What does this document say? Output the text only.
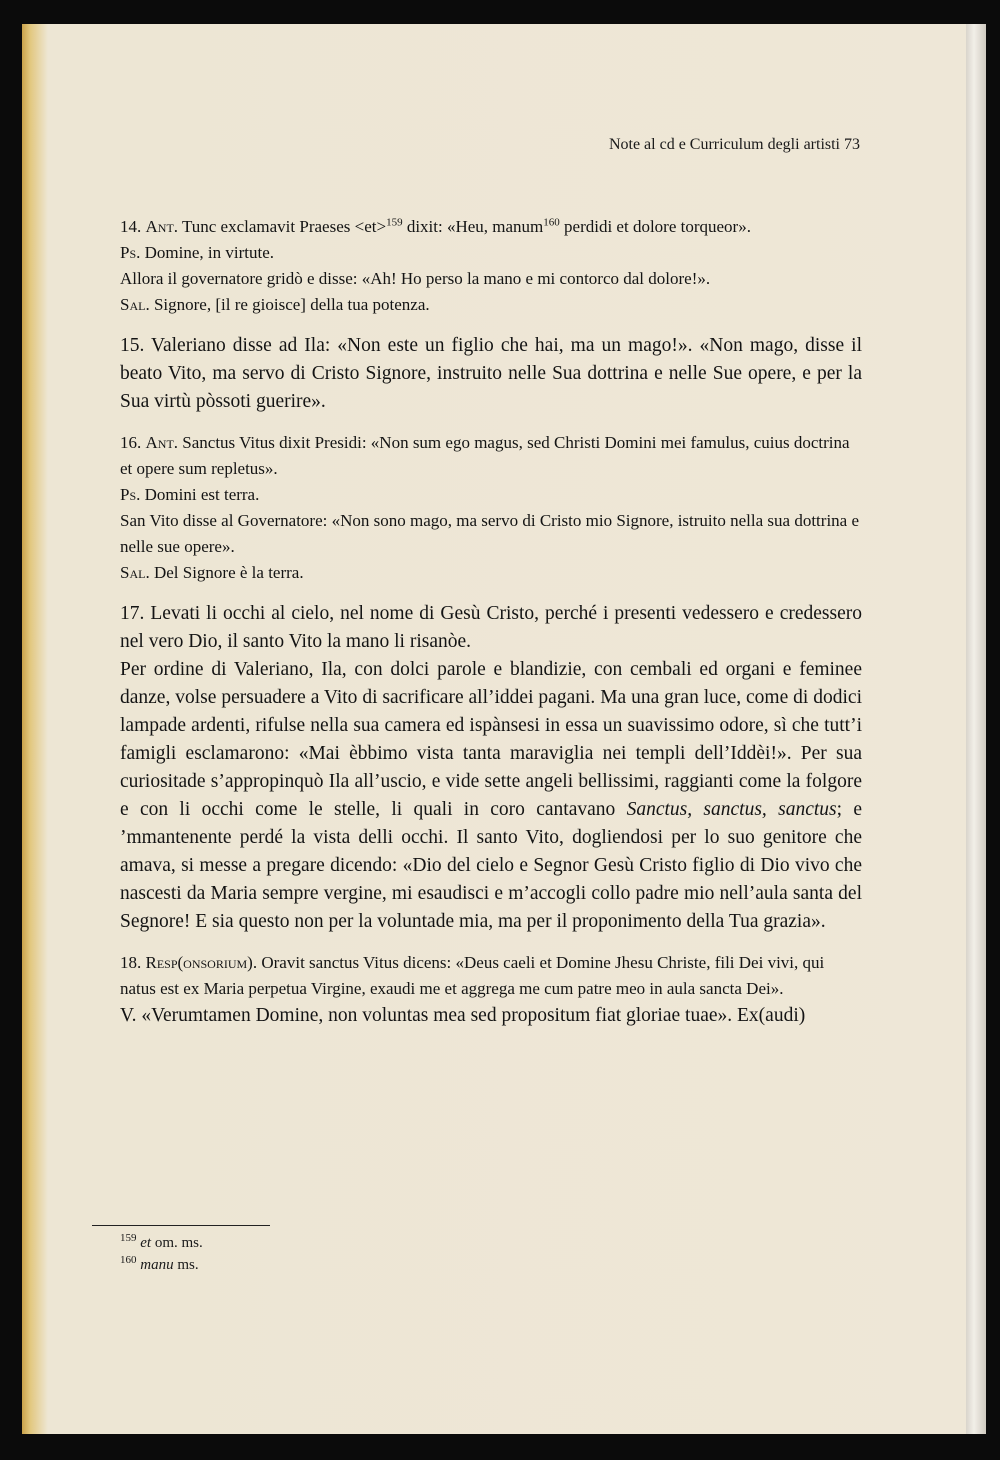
Note al cd e Curriculum degli artisti 73

14. Ant. Tunc exclamavit Praeses <et>$^{159}$ dixit: «Heu, manum$^{160}$ perdidi et dolore torqueor».

Ps. Domine, in virtute.

Allora il governatore gridò e disse: «Ah! Ho perso la mano e mi contorco dal dolore!».

Sal. Signore, [il re gioisce] della tua potenza.

15. Valeriano disse ad Ila: «Non este un figlio che hai, ma un mago!». «Non mago, disse il beato Vito, ma servo di Cristo Signore, instruito nelle Sua dottrina e nelle Sue opere, e per la Sua virtù pòssoti guerire».

16. Ant. Sanctus Vitus dixit Presidi: «Non sum ego magus, sed Christi Domini mei famulus, cuius doctrina et opere sum repletus».

Ps. Domini est terra.

San Vito disse al Governatore: «Non sono mago, ma servo di Cristo mio Signore, istruito nella sua dottrina e nelle sue opere».

Sal. Del Signore è la terra.

17. Levati li occhi al cielo, nel nome di Gesù Cristo, perché i presenti vedessero e credessero nel vero Dio, il santo Vito la mano li risanòe.

Per ordine di Valeriano, Ila, con dolci parole e blandizie, con cembali ed organi e feminee danze, volse persuadere a Vito di sacrificare all’iddei pagani. Ma una gran luce, come di dodici lampade ardenti, rifulse nella sua camera ed ispànsesi in essa un suavissimo odore, sì che tutt’i famigli esclamarono: «Mai èbbimo vista tanta maraviglia nei templi dell’Iddèi!». Per sua curiositade s’appropinquò Ila all’uscio, e vide sette angeli bellissimi, raggianti come la folgore e con li occhi come le stelle, li quali in coro cantavano Sanctus, sanctus, sanctus; e ’mmantenente perdé la vista delli occhi. Il santo Vito, dogliendosi per lo suo genitore che amava, si messe a pregare dicendo: «Dio del cielo e Segnor Gesù Cristo figlio di Dio vivo che nascesti da Maria sempre vergine, mi esaudisci e m’accogli collo padre mio nell’aula santa del Segnore! E sia questo non per la voluntade mia, ma per il proponimento della Tua grazia».

18. Resp(onsorium). Oravit sanctus Vitus dicens: «Deus caeli et Domine Jhesu Christe, fili Dei vivi, qui natus est ex Maria perpetua Virgine, exaudi me et aggrega me cum patre meo in aula sancta Dei».

V. «Verumtamen Domine, non voluntas mea sed propositum fiat gloriae tuae». Ex(audi)

$^{159}$ et om. ms.
$^{160}$ manu ms.
